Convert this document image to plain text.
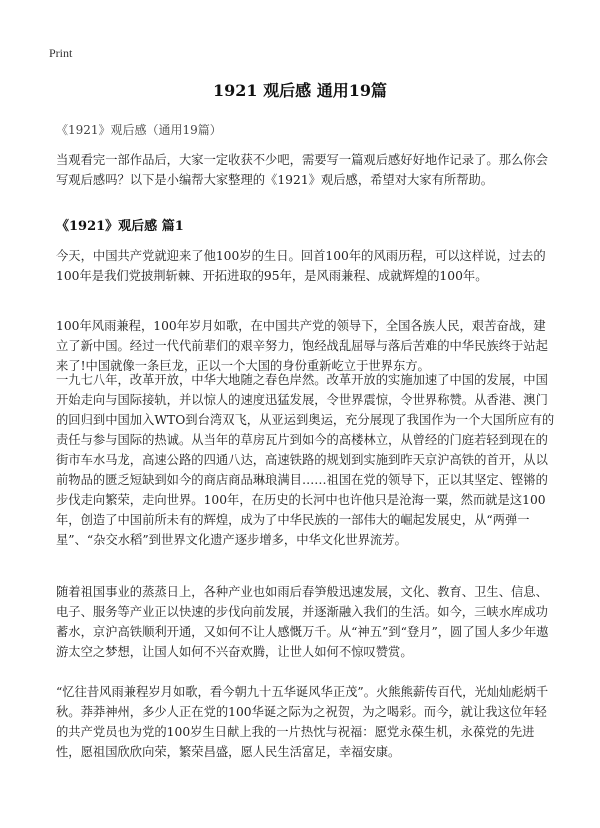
Print
1921 观后感 通用19篇
《1921》观后感（通用19篇）
当观看完一部作品后，大家一定收获不少吧，需要写一篇观后感好好地作记录了。那么你会写观后感吗？以下是小编帮大家整理的《1921》观后感，希望对大家有所帮助。
《1921》观后感 篇1
今天，中国共产党就迎来了他100岁的生日。回首100年的风雨历程，可以这样说，过去的100年是我们党披荆斩棘、开拓进取的95年，是风雨兼程、成就辉煌的100年。
100年风雨兼程，100年岁月如歌，在中国共产党的领导下，全国各族人民，艰苦奋战，建立了新中国。经过一代代前辈们的艰辛努力，饱经战乱屈辱与落后苦难的中华民族终于站起来了!中国就像一条巨龙，正以一个大国的身份重新屹立于世界东方。
一九七八年，改革开放，中华大地随之春色岸然。改革开放的实施加速了中国的发展，中国开始走向与国际接轨，并以惊人的速度迅猛发展，令世界震惊，令世界称赞。从香港、澳门的回归到中国加入WTO到台湾双飞，从亚运到奥运，充分展现了我国作为一个大国所应有的责任与参与国际的热诚。从当年的草房瓦片到如今的高楼林立，从曾经的门庭若轻到现在的街市车水马龙，高速公路的四通八达，高速铁路的规划到实施到昨天京沪高铁的首开，从以前物品的匮乏短缺到如今的商店商品琳琅满目……祖国在党的领导下，正以其坚定、铿锵的步伐走向繁荣，走向世界。100年，在历史的长河中也许他只是沧海一粟，然而就是这100年，创造了中国前所未有的辉煌，成为了中华民族的一部伟大的崛起发展史，从“两弹一星”、“杂交水稻”到世界文化遗产逐步增多，中华文化世界流芳。
随着祖国事业的蒸蒸日上，各种产业也如雨后春笋般迅速发展，文化、教育、卫生、信息、电子、服务等产业正以快速的步伐向前发展，并逐渐融入我们的生活。如今，三峡水库成功蓄水，京沪高铁顺利开通，又如何不让人感慨万千。从“神五”到“登月”，圆了国人多少年遨游太空之梦想，让国人如何不兴奋欢腾，让世人如何不惊叹赞赏。
“忆往昔风雨兼程岁月如歌，看今朝九十五华诞风华正茂”。火熊熊薪传百代，光灿灿彪炳千秋。莽莽神州，多少人正在党的100华诞之际为之祝贺，为之喝彩。而今，就让我这位年轻的共产党员也为党的100岁生日献上我的一片热忱与祝福：愿党永葆生机，永葆党的先进性，愿祖国欣欣向荣，繁荣昌盛，愿人民生活富足，幸福安康。
